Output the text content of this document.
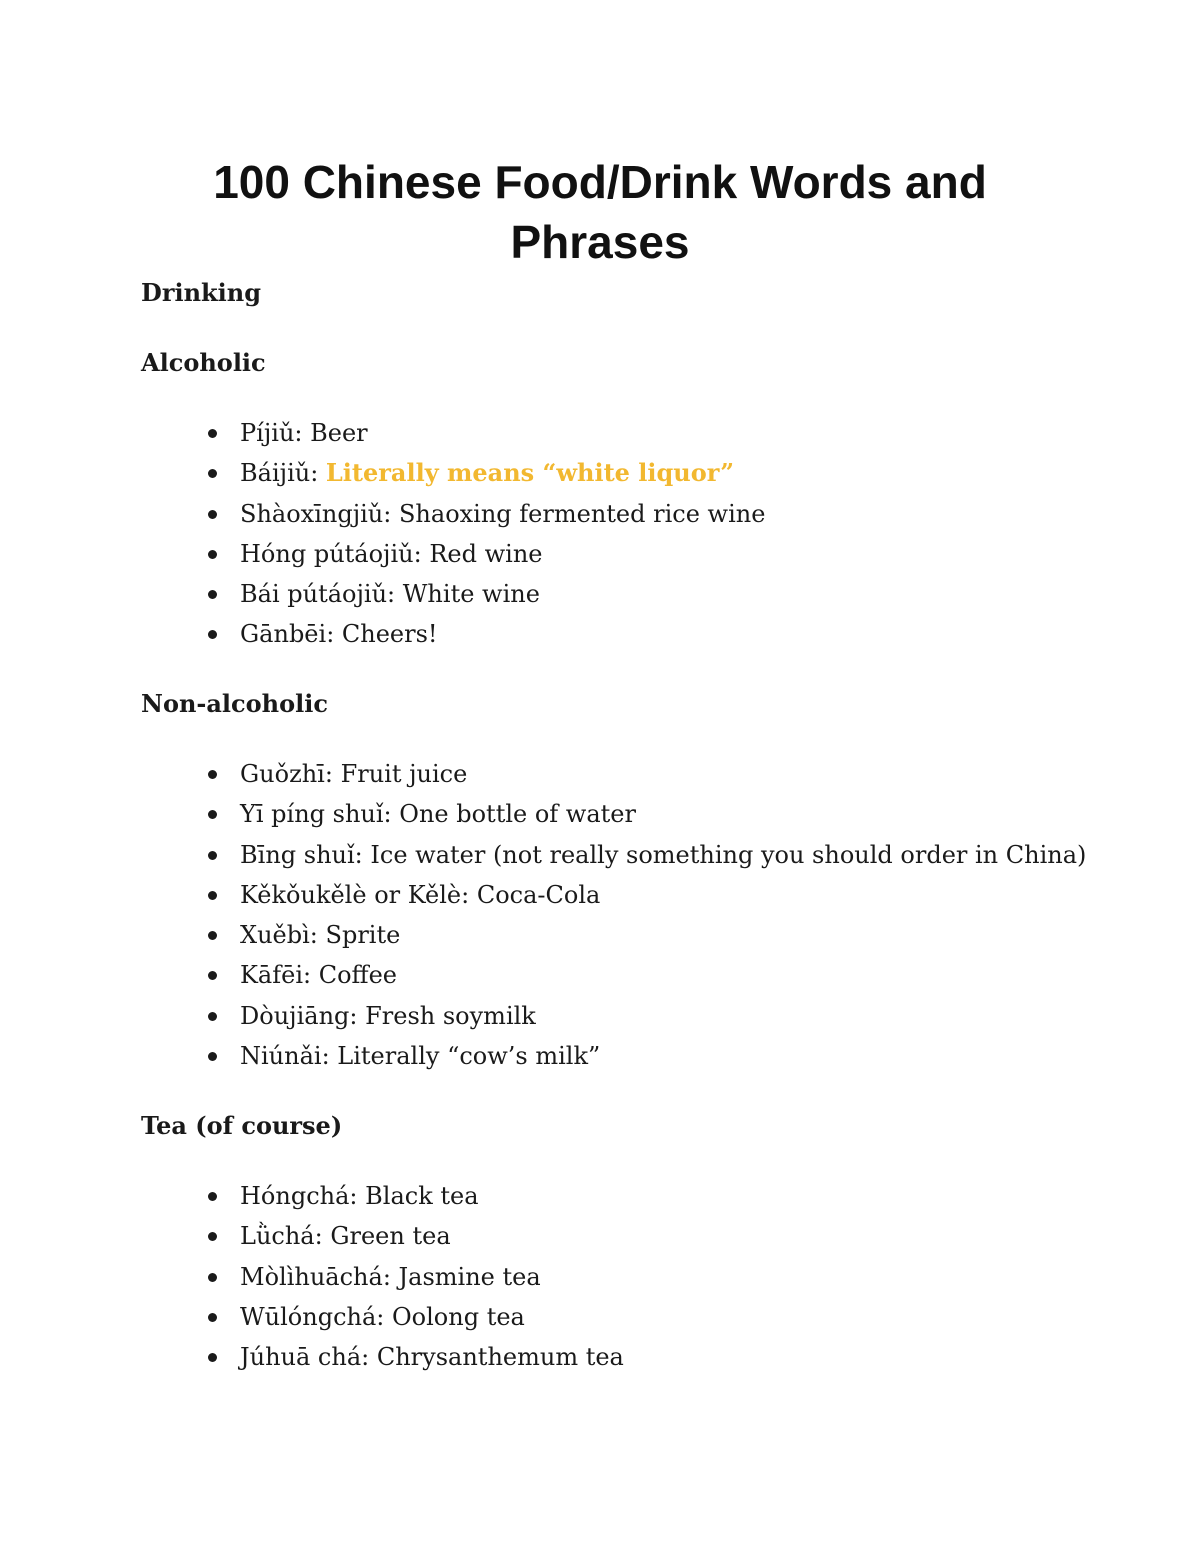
100 Chinese Food/Drink Words and
Phrases
Drinking
Alcoholic
Píjiǔ: Beer
Báijiǔ: Literally means “white liquor”
Shàoxīngjiǔ: Shaoxing fermented rice wine
Hóng pútáojiǔ: Red wine
Bái pútáojiǔ: White wine
Gānbēi: Cheers!
Non-alcoholic
Guǒzhī: Fruit juice
Yī píng shuǐ: One bottle of water
Bīng shuǐ: Ice water (not really something you should order in China)
Kěkǒukělè or Kělè: Coca-Cola
Xuěbì: Sprite
Kāfēi: Coffee
Dòujiāng: Fresh soymilk
Niúnǎi: Literally “cow’s milk”
Tea (of course)
Hóngchá: Black tea
Lǜchá: Green tea
Mòlìhuāchá: Jasmine tea
Wūlóngchá: Oolong tea
Júhuā chá: Chrysanthemum tea
